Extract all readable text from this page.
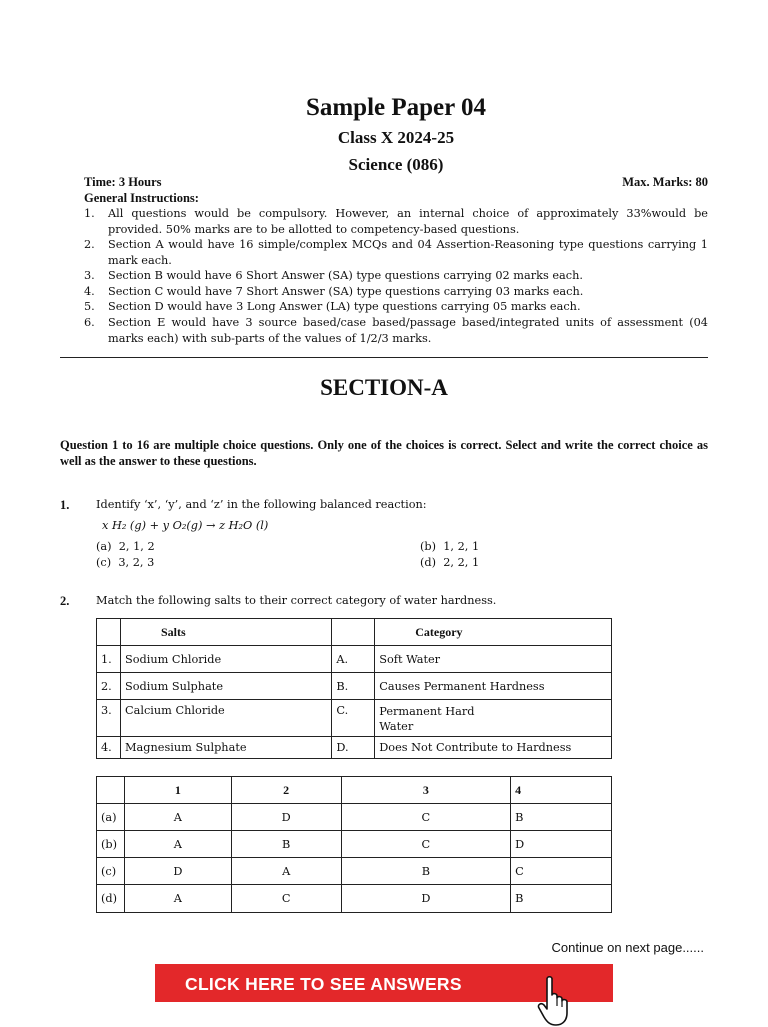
Sample Paper 04
Class X 2024-25
Science (086)
Time: 3 Hours	Max. Marks: 80
General Instructions:
1. All questions would be compulsory. However, an internal choice of approximately 33%would be provided. 50% marks are to be allotted to competency-based questions.
2. Section A would have 16 simple/complex MCQs and 04 Assertion-Reasoning type questions carrying 1 mark each.
3. Section B would have 6 Short Answer (SA) type questions carrying 02 marks each.
4. Section C would have 7 Short Answer (SA) type questions carrying 03 marks each.
5. Section D would have 3 Long Answer (LA) type questions carrying 05 marks each.
6. Section E would have 3 source based/case based/passage based/integrated units of assessment (04 marks each) with sub-parts of the values of 1/2/3 marks.
SECTION-A
Question 1 to 16 are multiple choice questions. Only one of the choices is correct. Select and write the correct choice as well as the answer to these questions.
1. Identify ‘x’, ‘y’, and ‘z’ in the following balanced reaction:
x H₂ (g) + y O₂(g) → z H₂O (l)
(a) 2, 1, 2	(b) 1, 2, 1
(c) 3, 2, 3	(d) 2, 2, 1
2. Match the following salts to their correct category of water hardness.
	Salts		Category
1.	Sodium Chloride	A.	Soft Water
2.	Sodium Sulphate	B.	Causes Permanent Hardness
3.	Calcium Chloride	C.	Permanent Hard Water
4.	Magnesium Sulphate	D.	Does Not Contribute to Hardness
	1	2	3	4
(a)	A	D	C	B
(b)	A	B	C	D
(c)	D	A	B	C
(d)	A	C	D	B
Continue on next page......
CLICK HERE TO SEE ANSWERS
